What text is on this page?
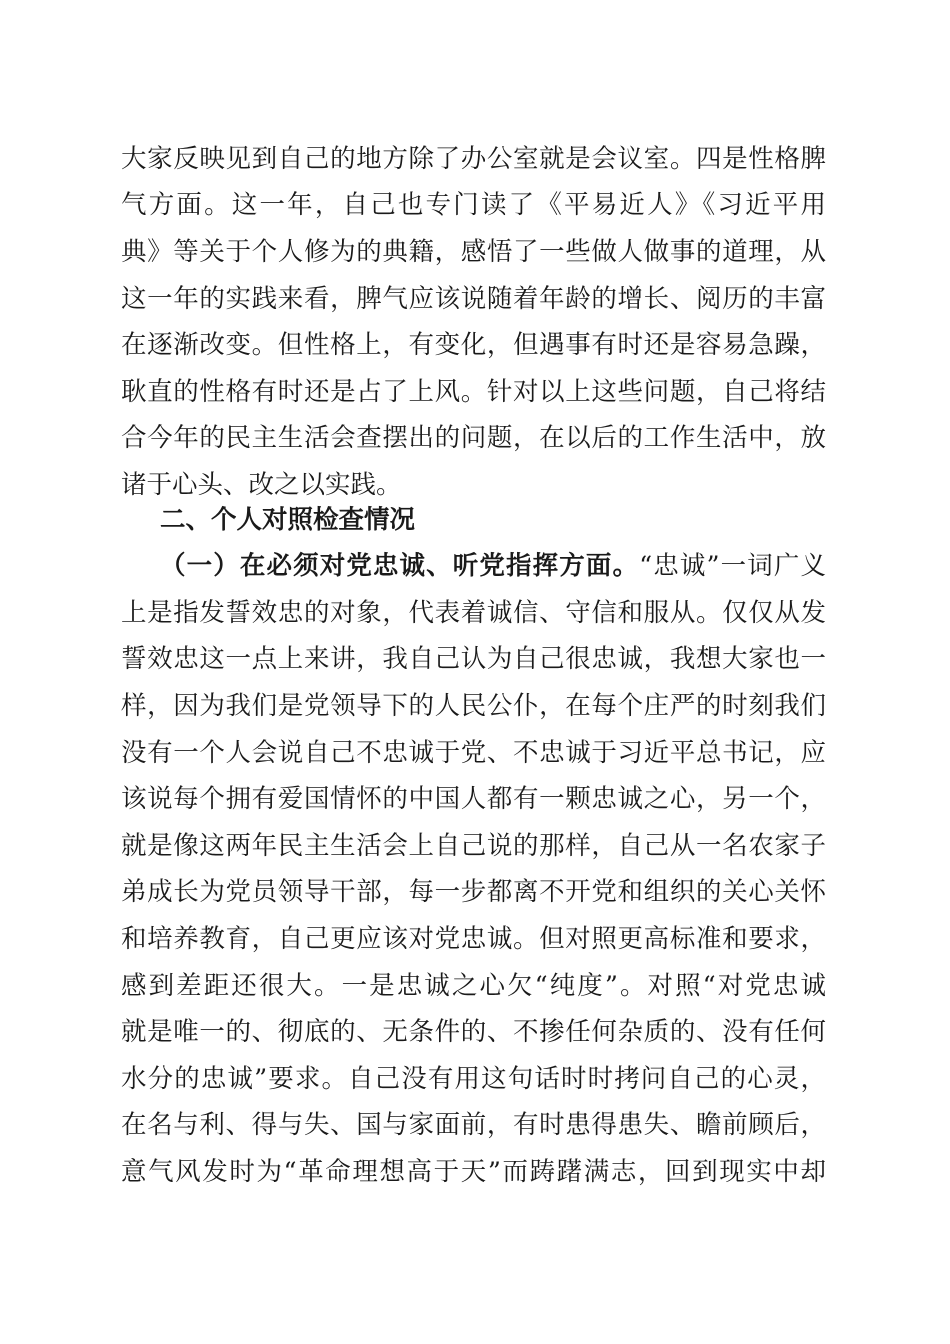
大家反映见到自己的地方除了办公室就是会议室。四是性格脾
气方面。这一年，自己也专门读了《平易近人》《习近平用
典》等关于个人修为的典籍，感悟了一些做人做事的道理，从
这一年的实践来看，脾气应该说随着年龄的增长、阅历的丰富
在逐渐改变。但性格上，有变化，但遇事有时还是容易急躁，
耿直的性格有时还是占了上风。针对以上这些问题，自己将结
合今年的民主生活会查摆出的问题，在以后的工作生活中，放
诸于心头、改之以实践。
二、个人对照检查情况
（一）在必须对党忠诚、听党指挥方面。“忠诚”一词广义
上是指发誓效忠的对象，代表着诚信、守信和服从。仅仅从发
誓效忠这一点上来讲，我自己认为自己很忠诚，我想大家也一
样，因为我们是党领导下的人民公仆，在每个庄严的时刻我们
没有一个人会说自己不忠诚于党、不忠诚于习近平总书记，应
该说每个拥有爱国情怀的中国人都有一颗忠诚之心，另一个，
就是像这两年民主生活会上自己说的那样，自己从一名农家子
弟成长为党员领导干部，每一步都离不开党和组织的关心关怀
和培养教育，自己更应该对党忠诚。但对照更高标准和要求，
感到差距还很大。一是忠诚之心欠“纯度”。对照“对党忠诚
就是唯一的、彻底的、无条件的、不掺任何杂质的、没有任何
水分的忠诚”要求。自己没有用这句话时时拷问自己的心灵，
在名与利、得与失、国与家面前，有时患得患失、瞻前顾后，
意气风发时为“革命理想高于天”而踌躇满志，回到现实中却
